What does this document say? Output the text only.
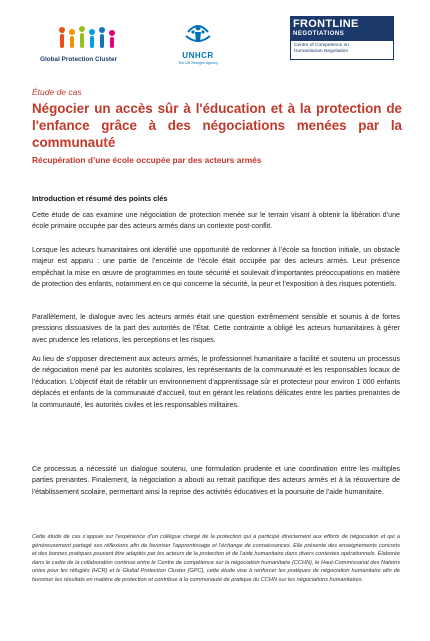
Global Protection Cluster	UNHCR
The UN Refugee Agency
FRONTLINE
NEGOTIATIONS
Centre of Competence on
Humanitarian Negotiation
Étude de cas
Négocier un accès sûr à l'éducation et à la protection de l'enfance grâce à des négociations menées par la communauté
Récupération d’une école occupée par des acteurs armés
Introduction et résumé des points clés

Cette étude de cas examine une négociation de protection menée sur le terrain visant à obtenir la libération d’une école primaire occupée par des acteurs armés dans un contexte post-conflit.

Lorsque les acteurs humanitaires ont identifié une opportunité de redonner à l’école sa fonction initiale, un obstacle majeur est apparu : une partie de l’enceinte de l’école était occupée par des acteurs armés. Leur présence empêchait la mise en œuvre de programmes en toute sécurité et soulevait d’importantes préoccupations en matière de protection des enfants, notamment en ce qui concerne la sécurité, la peur et l’exposition à des risques potentiels.

Parallèlement, le dialogue avec les acteurs armés était une question extrêmement sensible et soumis à de fortes pressions dissuasives de la part des autorités de l’État. Cette contrainte a obligé les acteurs humanitaires à gérer avec prudence les relations, les perceptions et les risques.

Au lieu de s’opposer directement aux acteurs armés, le professionnel humanitaire a facilité et soutenu un processus de négociation mené par les autorités scolaires, les représentants de la communauté et les responsables locaux de l’éducation. L’objectif était de rétablir un environnement d’apprentissage sûr et protecteur pour environ 1 000 enfants déplacés et enfants de la communauté d’accueil, tout en gérant les relations délicates entre les parties prenantes de la communauté, les autorités civiles et les responsables militaires.

Ce processus a nécessité un dialogue soutenu, une formulation prudente et une coordination entre les multiples parties prenantes. Finalement, la négociation a abouti au retrait pacifique des acteurs armés et à la réouverture de l’établissement scolaire, permettant ainsi la reprise des activités éducatives et la poursuite de l’aide humanitaire.

Cette étude de cas s’appuie sur l’expérience d’un collègue chargé de la protection qui a participé directement aux efforts de négociation et qui a généreusement partagé ses réflexions afin de favoriser l’apprentissage et l’échange de connaissances. Elle présente des enseignements concrets et des bonnes pratiques pouvant être adaptés par les acteurs de la protection et de l’aide humanitaire dans divers contextes opérationnels. Élaborée dans le cadre de la collaboration continue entre le Centre de compétence sur la négociation humanitaire (CCHN), le Haut-Commissariat des Nations unies pour les réfugiés (HCR) et le Global Protection Cluster (GPC), cette étude vise à renforcer les pratiques de négociation humanitaire afin de favoriser les résultats en matière de protection et contribue à la communauté de pratique du CCHN sur les négociations humanitaires.
